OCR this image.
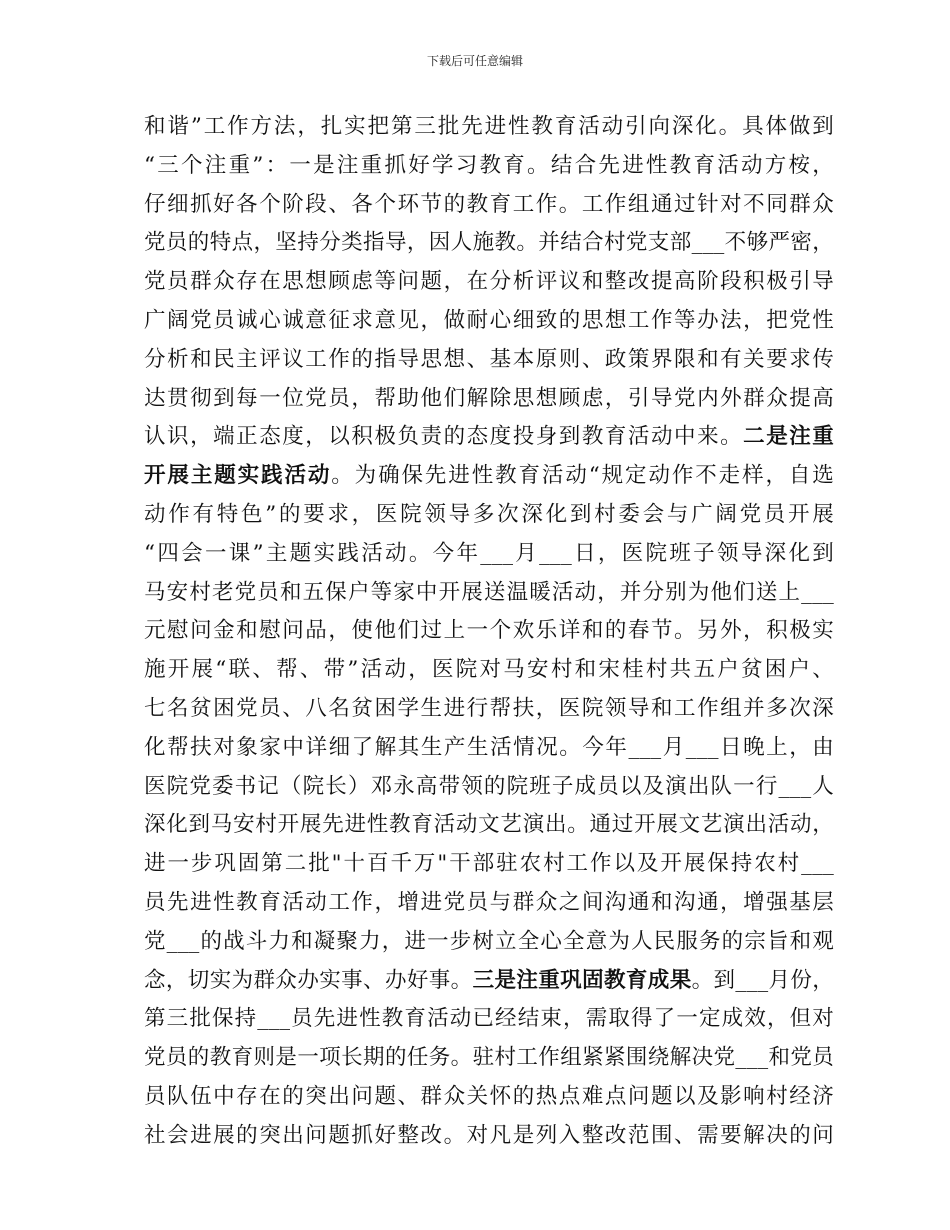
下载后可任意编辑
和谐”工作方法，扎实把第三批先进性教育活动引向深化。具体做到
“三个注重”：一是注重抓好学习教育。结合先进性教育活动方桉，
仔细抓好各个阶段、各个环节的教育工作。工作组通过针对不同群众
党员的特点，坚持分类指导，因人施教。并结合村党支部___不够严密，
党员群众存在思想顾虑等问题，在分析评议和整改提高阶段积极引导
广阔党员诚心诚意征求意见，做耐心细致的思想工作等办法，把党性
分析和民主评议工作的指导思想、基本原则、政策界限和有关要求传
达贯彻到每一位党员，帮助他们解除思想顾虑，引导党内外群众提高
认识，端正态度，以积极负责的态度投身到教育活动中来。二是注重
开展主题实践活动。为确保先进性教育活动“规定动作不走样，自选
动作有特色”的要求，医院领导多次深化到村委会与广阔党员开展
“四会一课”主题实践活动。今年___月___日，医院班子领导深化到
马安村老党员和五保户等家中开展送温暖活动，并分别为他们送上___
元慰问金和慰问品，使他们过上一个欢乐详和的春节。另外，积极实
施开展“联、帮、带”活动，医院对马安村和宋桂村共五户贫困户、
七名贫困党员、八名贫困学生进行帮扶，医院领导和工作组并多次深
化帮扶对象家中详细了解其生产生活情况。今年___月___日晚上，由
医院党委书记（院长）邓永高带领的院班子成员以及演出队一行___人
深化到马安村开展先进性教育活动文艺演出。通过开展文艺演出活动，
进一步巩固第二批"十百千万"干部驻农村工作以及开展保持农村___
员先进性教育活动工作，增进党员与群众之间沟通和沟通，增强基层
党___的战斗力和凝聚力，进一步树立全心全意为人民服务的宗旨和观
念，切实为群众办实事、办好事。三是注重巩固教育成果。到___月份，
第三批保持___员先进性教育活动已经结束，需取得了一定成效，但对
党员的教育则是一项长期的任务。驻村工作组紧紧围绕解决党___和党员
员队伍中存在的突出问题、群众关怀的热点难点问题以及影响村经济
社会进展的突出问题抓好整改。对凡是列入整改范围、需要解决的问
